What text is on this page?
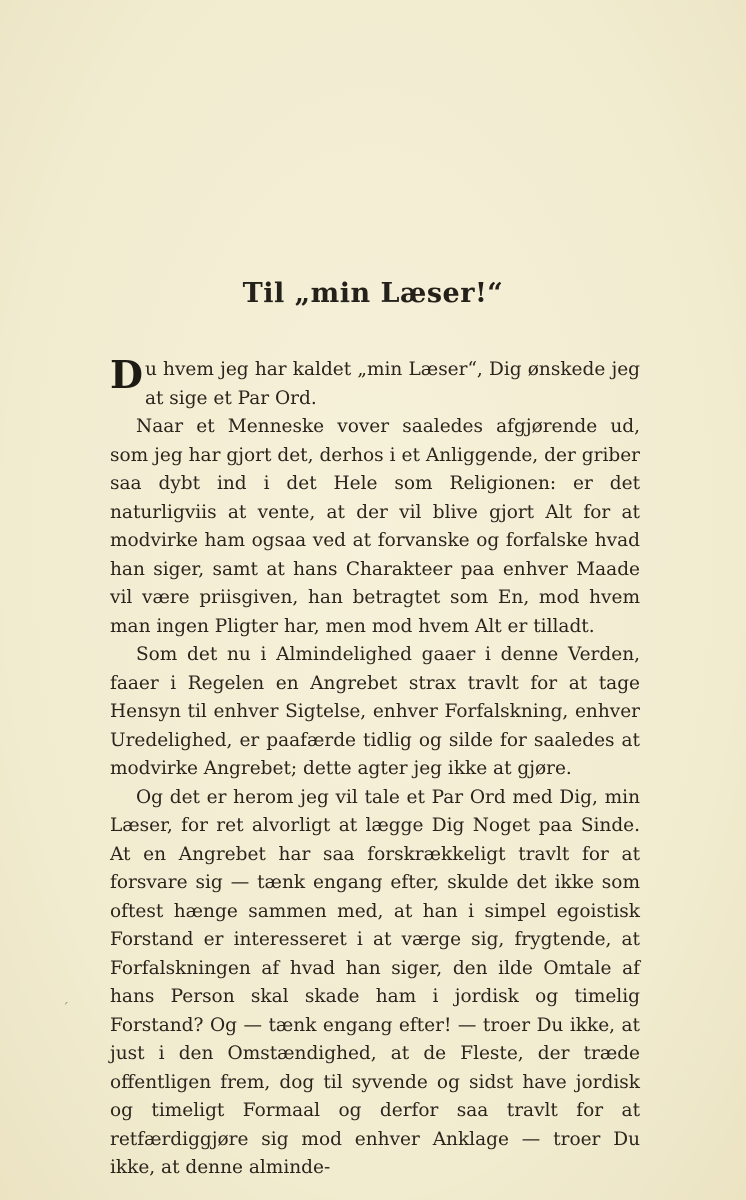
Til „min Læser!“

Du hvem jeg har kaldet „min Læser“, Dig ønskede jeg at sige et Par Ord.

Naar et Menneske vover saaledes afgjørende ud, som jeg har gjort det, derhos i et Anliggende, der griber saa dybt ind i det Hele som Religionen: er det naturligviis at vente, at der vil blive gjort Alt for at modvirke ham ogsaa ved at forvanske og forfalske hvad han siger, samt at hans Charakteer paa enhver Maade vil være priisgiven, han betragtet som En, mod hvem man ingen Pligter har, men mod hvem Alt er tilladt.

Som det nu i Almindelighed gaaer i denne Verden, faaer i Regelen en Angrebet strax travlt for at tage Hensyn til enhver Sigtelse, enhver Forfalskning, enhver Uredelighed, er paafærde tidlig og silde for saaledes at modvirke Angrebet; dette agter jeg ikke at gjøre.

Og det er herom jeg vil tale et Par Ord med Dig, min Læser, for ret alvorligt at lægge Dig Noget paa Sinde. At en Angrebet har saa forskrækkeligt travlt for at forsvare sig — tænk engang efter, skulde det ikke som oftest hænge sammen med, at han i simpel egoistisk Forstand er interesseret i at værge sig, frygtende, at Forfalskningen af hvad han siger, den ilde Omtale af hans Person skal skade ham i jordisk og timelig Forstand? Og — tænk engang efter! — troer Du ikke, at just i den Omstændighed, at de Fleste, der træde offentligen frem, dog til syvende og sidst have jordisk og timeligt Formaal og derfor saa travlt for at retfærdiggjøre sig mod enhver Anklage — troer Du ikke, at denne alminde-

ˊ
